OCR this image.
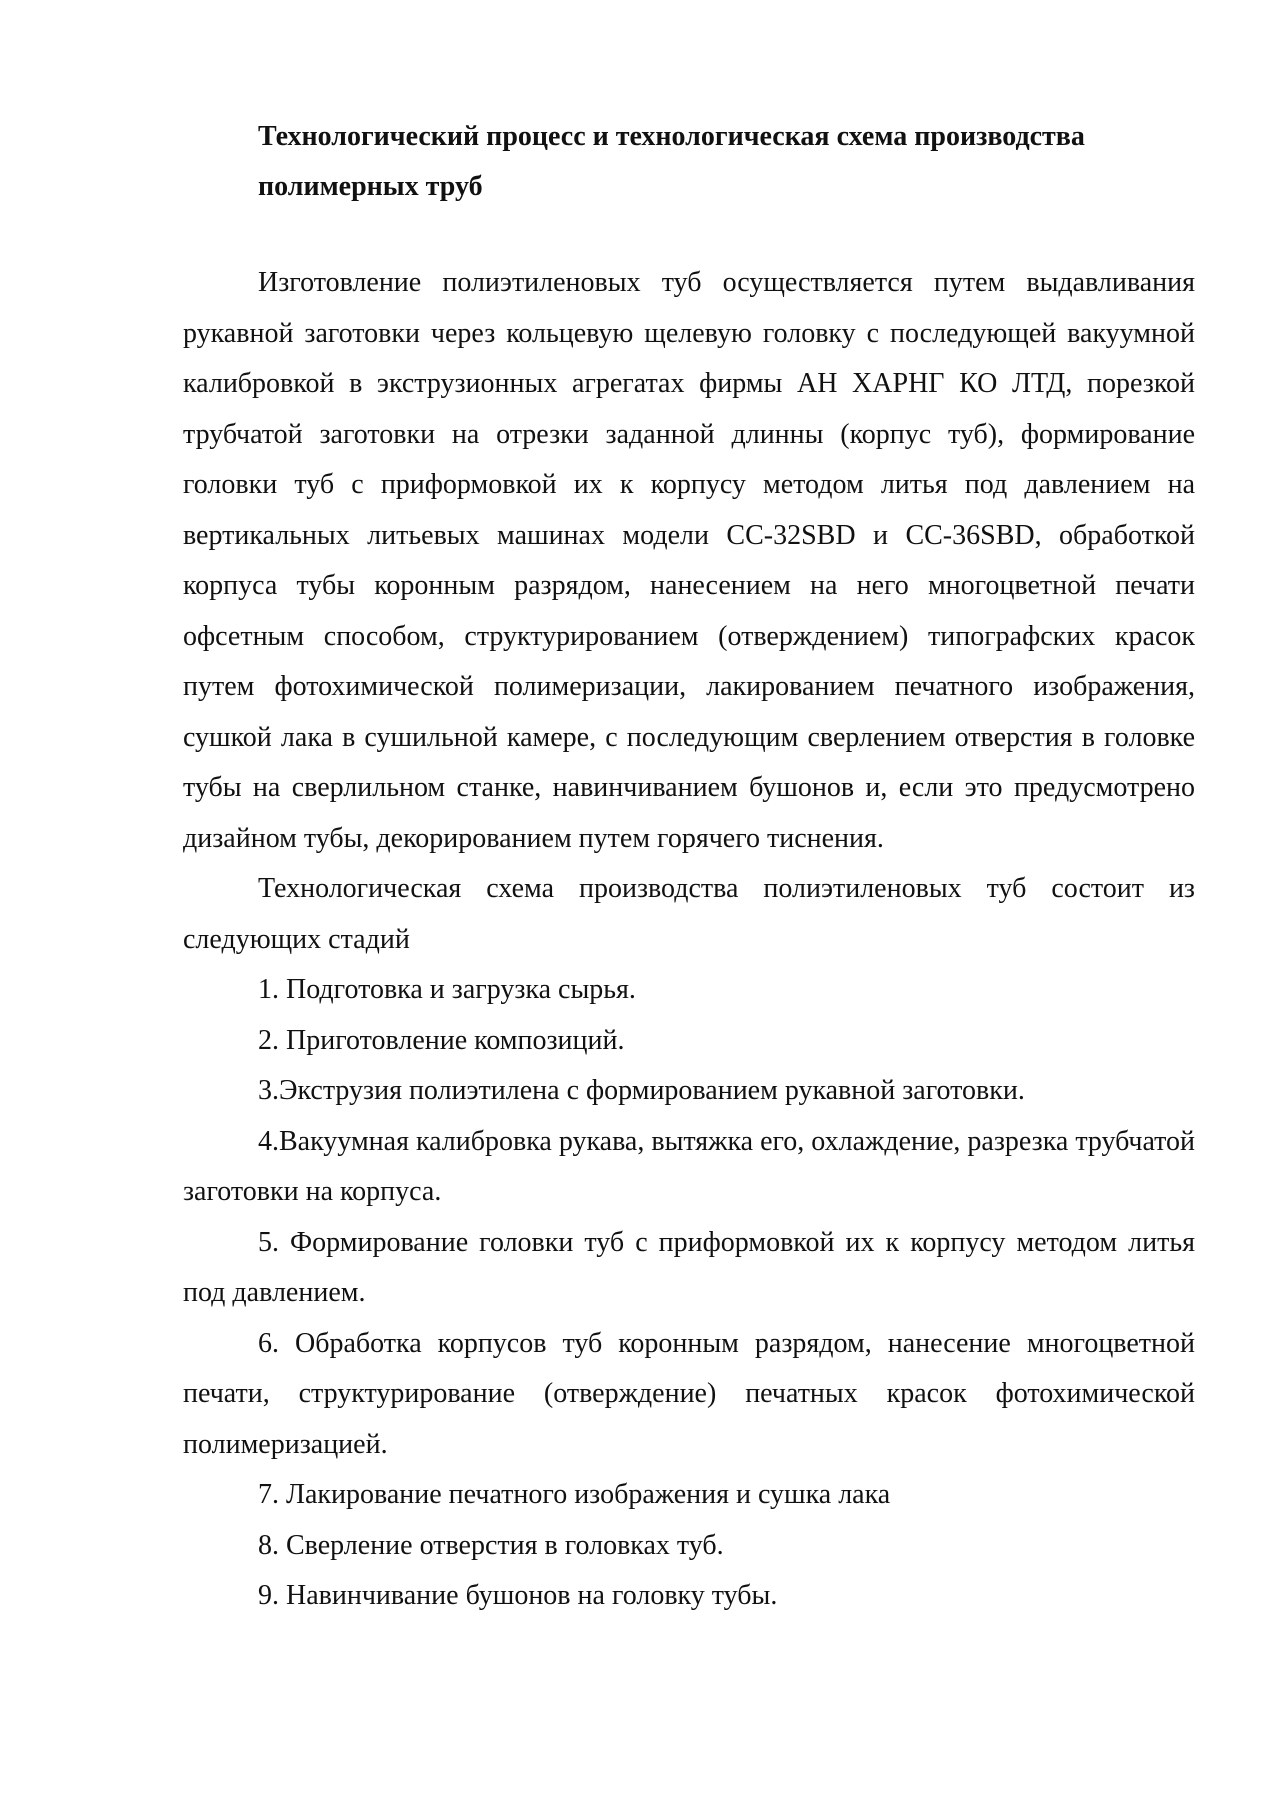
Технологический процесс и технологическая схема производства полимерных труб

Изготовление полиэтиленовых туб осуществляется путем выдавливания рукавной заготовки через кольцевую щелевую головку с последующей вакуумной калибровкой в экструзионных агрегатах фирмы АН ХАРНГ КО ЛТД, порезкой трубчатой заготовки на отрезки заданной длинны (корпус туб), формирование головки туб с приформовкой их к корпусу методом литья под давлением на вертикальных литьевых машинах модели СС-32SBD и СС-36SBD, обработкой корпуса тубы коронным разрядом, нанесением на него многоцветной печати офсетным способом, структурированием (отверждением) типографских красок путем фотохимической полимеризации, лакированием печатного изображения, сушкой лака в сушильной камере, с последующим сверлением отверстия в головке тубы на сверлильном станке, навинчиванием бушонов и, если это предусмотрено дизайном тубы, декорированием путем горячего тиснения.

Технологическая схема производства полиэтиленовых туб состоит из следующих стадий

1. Подготовка и загрузка сырья.

2. Приготовление композиций.

3.Экструзия полиэтилена с формированием рукавной заготовки.

4.Вакуумная калибровка рукава, вытяжка его, охлаждение, разрезка трубчатой заготовки на корпуса.

5. Формирование головки туб с приформовкой их к корпусу методом литья под давлением.

6. Обработка корпусов туб коронным разрядом, нанесение многоцветной печати, структурирование (отверждение) печатных красок фотохимической полимеризацией.

7. Лакирование печатного изображения и сушка лака

8. Сверление отверстия в головках туб.

9. Навинчивание бушонов на головку тубы.
